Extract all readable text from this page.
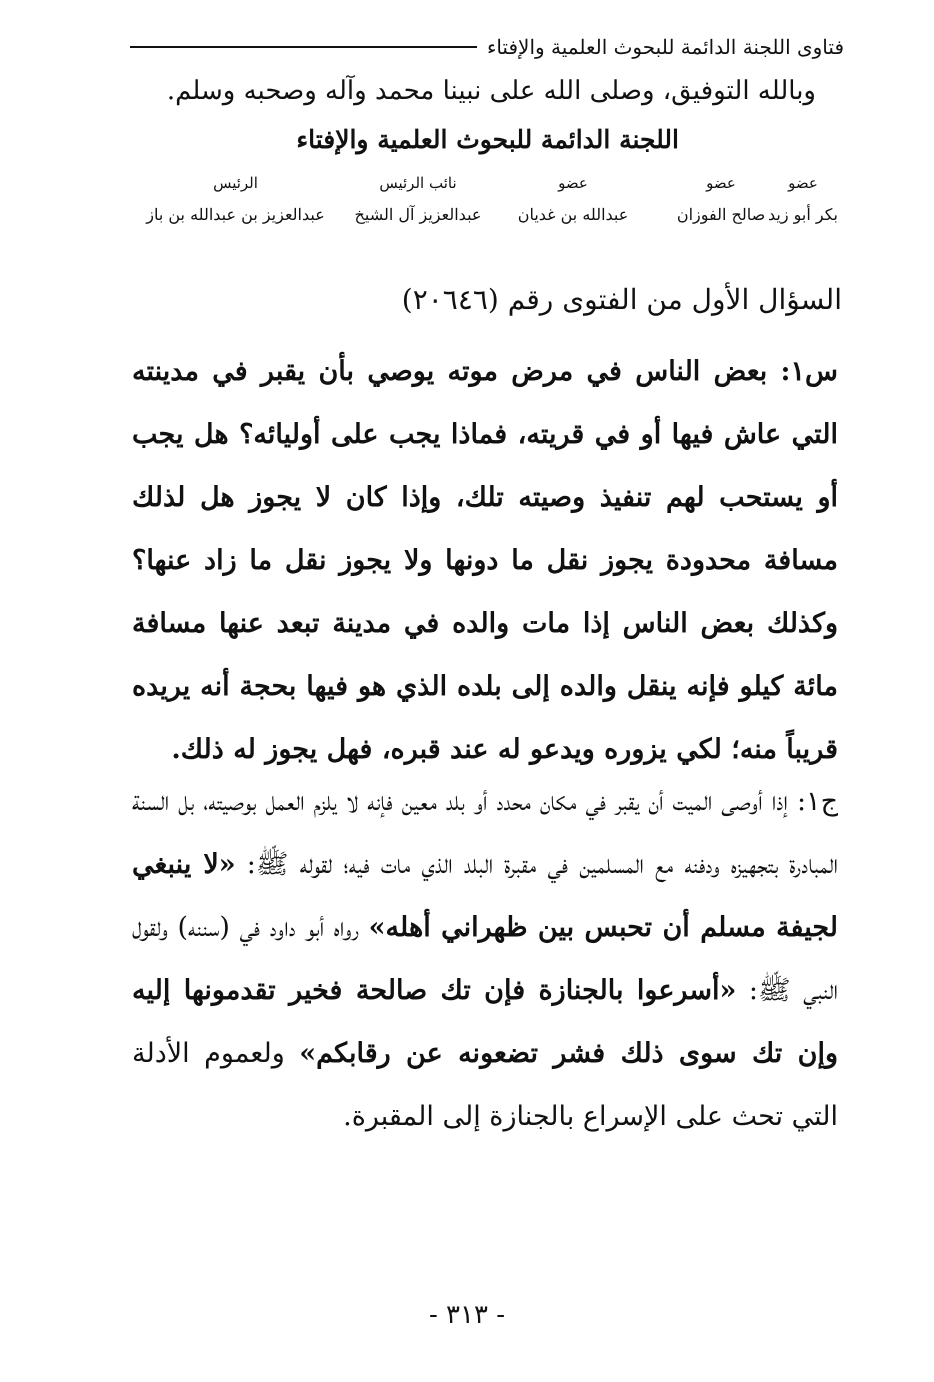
فتاوى اللجنة الدائمة للبحوث العلمية والإفتاء
وبالله التوفيق، وصلى الله على نبينا محمد وآله وصحبه وسلم.
اللجنة الدائمة للبحوث العلمية والإفتاء
عضو
بكر أبو زيد
عضو
صالح الفوزان
عضو
عبدالله بن غديان
نائب الرئيس
عبدالعزيز آل الشيخ
الرئيس
عبدالعزيز بن عبدالله بن باز
السؤال الأول من الفتوى رقم (٢٠٦٤٦)
س١: بعض الناس في مرض موته يوصي بأن يقبر في مدينته التي عاش فيها أو في قريته، فماذا يجب على أوليائه؟ هل يجب أو يستحب لهم تنفيذ وصيته تلك، وإذا كان لا يجوز هل لذلك مسافة محدودة يجوز نقل ما دونها ولا يجوز نقل ما زاد عنها؟ وكذلك بعض الناس إذا مات والده في مدينة تبعد عنها مسافة مائة كيلو فإنه ينقل والده إلى بلده الذي هو فيها بحجة أنه يريده قريباً منه؛ لكي يزوره ويدعو له عند قبره، فهل يجوز له ذلك.
ج١: إذا أوصى الميت أن يقبر في مكان محدد أو بلد معين فإنه لا يلزم العمل بوصيته، بل السنة المبادرة بتجهيزه ودفنه مع المسلمين في مقبرة البلد الذي مات فيه؛ لقوله ﷺ: «لا ينبغي لجيفة مسلم أن تحبس بين ظهراني أهله» رواه أبو داود في (سننه) ولقول النبي ﷺ: «أسرعوا بالجنازة فإن تك صالحة فخير تقدمونها إليه وإن تك سوى ذلك فشر تضعونه عن رقابكم» ولعموم الأدلة التي تحث على الإسراع بالجنازة إلى المقبرة.
- ٣١٣ -
